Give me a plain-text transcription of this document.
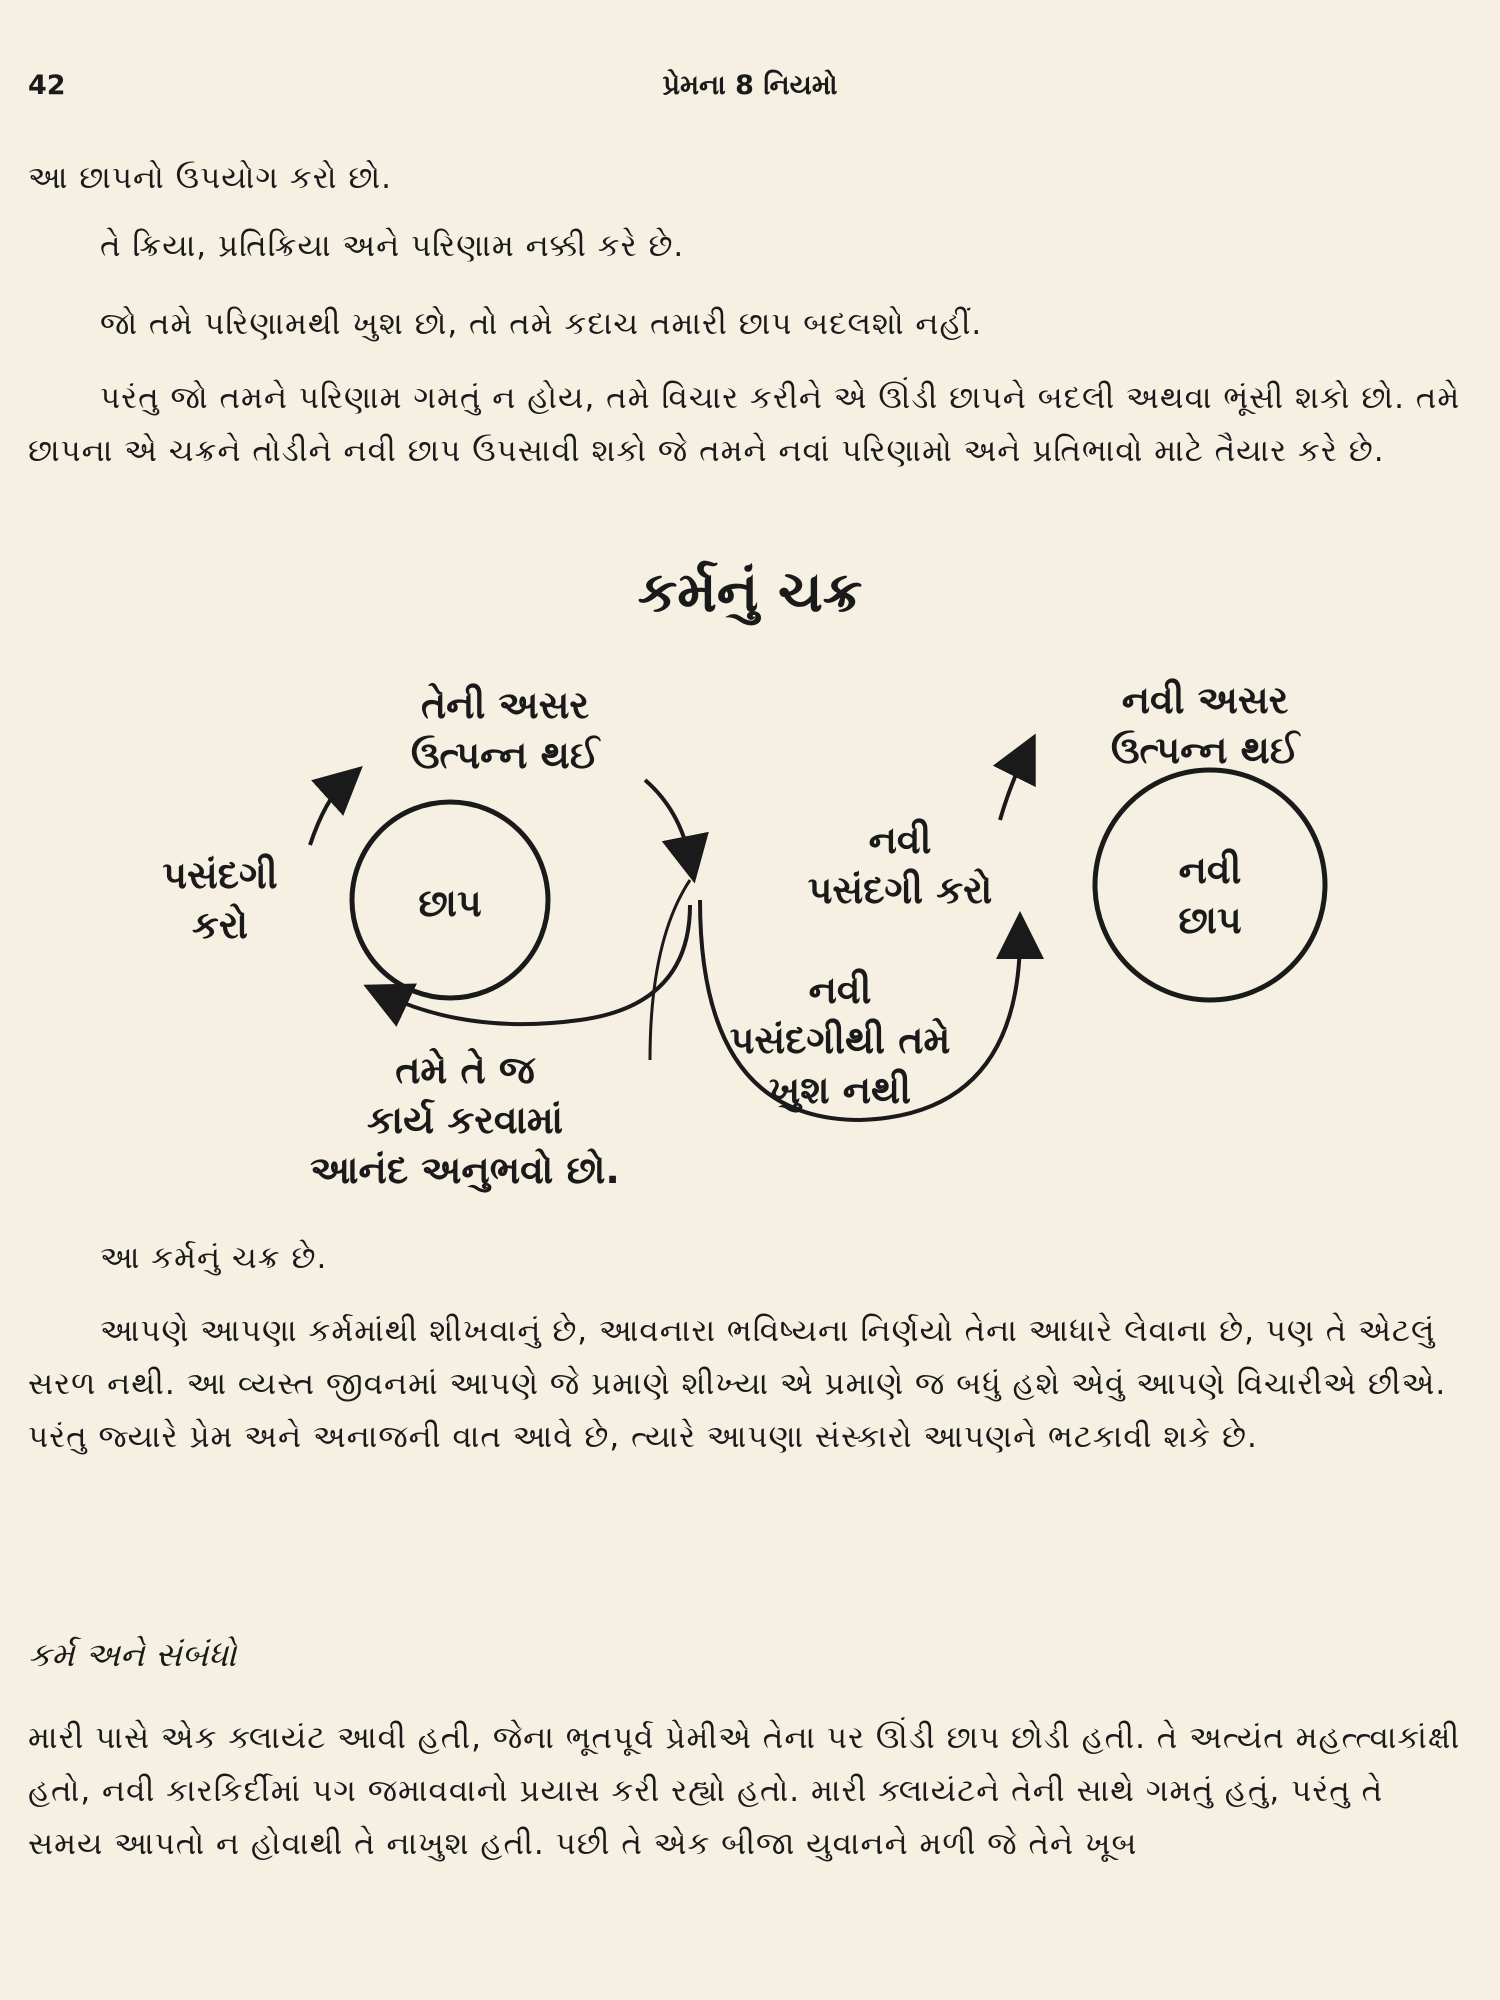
42	પ્રેમના 8 નિયમો

આ છાપનો ઉપયોગ કરો છો.

તે ક્રિયા, પ્રતિક્રિયા અને પરિણામ નક્કી કરે છે.

જો તમે પરિણામથી ખુશ છો, તો તમે કદાચ તમારી છાપ બદલશો નહીં.

પરંતુ જો તમને પરિણામ ગમતું ન હોય, તમે વિચાર કરીને એ ઊંડી છાપને બદલી અથવા ભૂંસી શકો છો. તમે છાપના એ ચક્રને તોડીને નવી છાપ ઉપસાવી શકો જે તમને નવાં પરિણામો અને પ્રતિભાવો માટે તૈયાર કરે છે.

કર્મનું ચક્ર
પસંદગી
કરો
તેની અસર
ઉત્પન્ન થઈ
છાપ
તમે તે જ
કાર્ય કરવામાં
આનંદ અનુભવો છો.
નવી
પસંદગી કરો
નવી
પસંદગીથી તમે
ખુશ નથી
નવી અસર
ઉત્પન્ન થઈ
નવી
છાપ

આ કર્મનું ચક્ર છે.

આપણે આપણા કર્મમાંથી શીખવાનું છે, આવનારા ભવિષ્યના નિર્ણયો તેના આધારે લેવાના છે, પણ તે એટલું સરળ નથી. આ વ્યસ્ત જીવનમાં આપણે જે પ્રમાણે શીખ્યા એ પ્રમાણે જ બધું હશે એવું આપણે વિચારીએ છીએ. પરંતુ જ્યારે પ્રેમ અને અનાજની વાત આવે છે, ત્યારે આપણા સંસ્કારો આપણને ભટકાવી શકે છે.

કર્મ અને સંબંધો

મારી પાસે એક ક્લાયંટ આવી હતી, જેના ભૂતપૂર્વ પ્રેમીએ તેના પર ઊંડી છાપ છોડી હતી. તે અત્યંત મહત્ત્વાકાંક્ષી હતો, નવી કારકિર્દીમાં પગ જમાવવાનો પ્રયાસ કરી રહ્યો હતો. મારી ક્લાયંટને તેની સાથે ગમતું હતું, પરંતુ તે સમય આપતો ન હોવાથી તે નાખુશ હતી. પછી તે એક બીજા યુવાનને મળી જે તેને ખૂબ
